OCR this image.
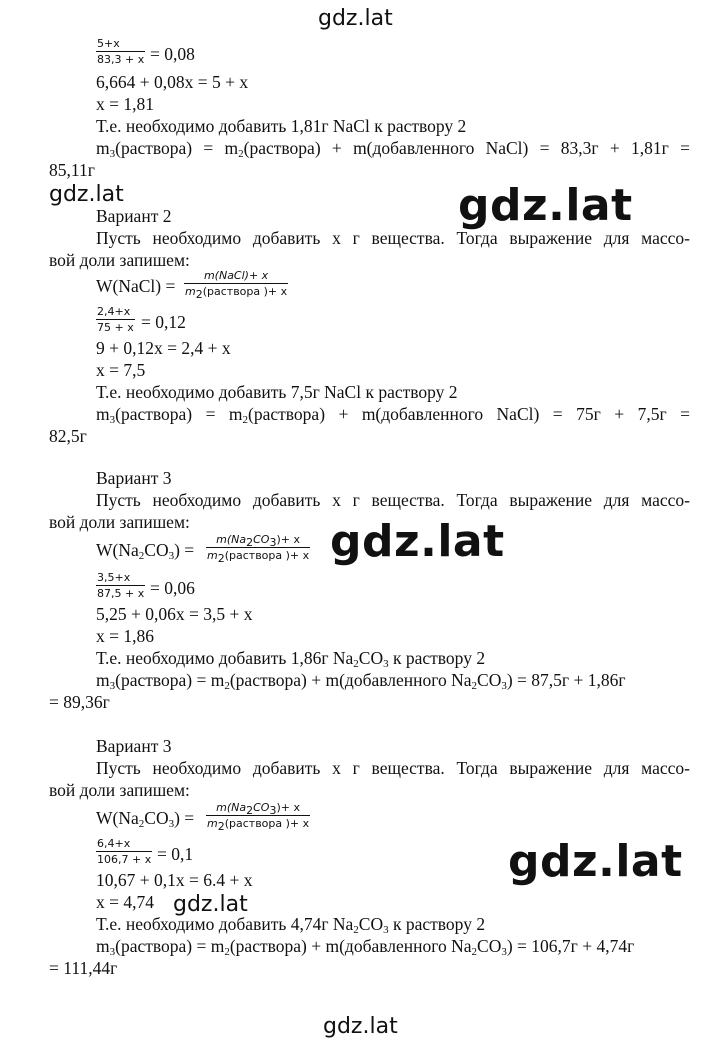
gdz.lat
gdz.lat	gdz.lat
gdz.lat
gdz.lat
gdz.lat
gdz.lat
$\frac{5+x}{83,3 + x} = 0,08$
6,664 + 0,08x = 5 + x
x = 1,81
Т.е. необходимо добавить 1,81г NaCl к раствору 2
$m_3(раствора)$ = $m_2(раствора)$ + m(добавленного NaCl) = 83,3г + 1,81г =
85,11г
Вариант 2
Пусть необходимо добавить х г вещества. Тогда выражение для массо-
вой доли запишем:
W(NaCl) =
m(NaCl)+ x
$m_2(раствора$ )+ x
$\frac{2,4+x}{75 + x} = 0,12$
9 + 0,12x = 2,4 + x
x = 7,5
Т.е. необходимо добавить 7,5г NaCl к раствору 2
$m_3(раствора)$ = $m_2(раствора)$ + m(добавленного NaCl) = 75г + 7,5г =
82,5г
Вариант 3
Пусть необходимо добавить х г вещества. Тогда выражение для массо-
вой доли запишем:
$W(Na_2CO_3)$ =
$m(Na_2CO_3)+ x$
$m_2(раствора$ )+ x
$\frac{3,5+x}{87,5 + x} = 0,06$
5,25 + 0,06x = 3,5 + x
x = 1,86
Т.е. необходимо добавить 1,86г $Na_2CO_3$ к раствору 2
$m_3(раствора)$ = $m_2(раствора)$ + m(добавленного $Na_2CO_3) = 87,5г + 1,86г$
= 89,36г
Вариант 3
Пусть необходимо добавить х г вещества. Тогда выражение для массо-
вой доли запишем:
$W(Na_2CO_3)$ =
$m(Na_2CO_3)+ x$
$m_2(раствора$ )+ x
$\frac{6,4+x}{106,7 + x} = 0,1$
10,67 + 0,1x = 6.4 + x
x = 4,74
Т.е. необходимо добавить 4,74г $Na_2CO_3$ к раствору 2
$m_3(раствора)$ = $m_2(раствора)$ + m(добавленного $Na_2CO_3) = 106,7г + 4,74г$
= 111,44г
